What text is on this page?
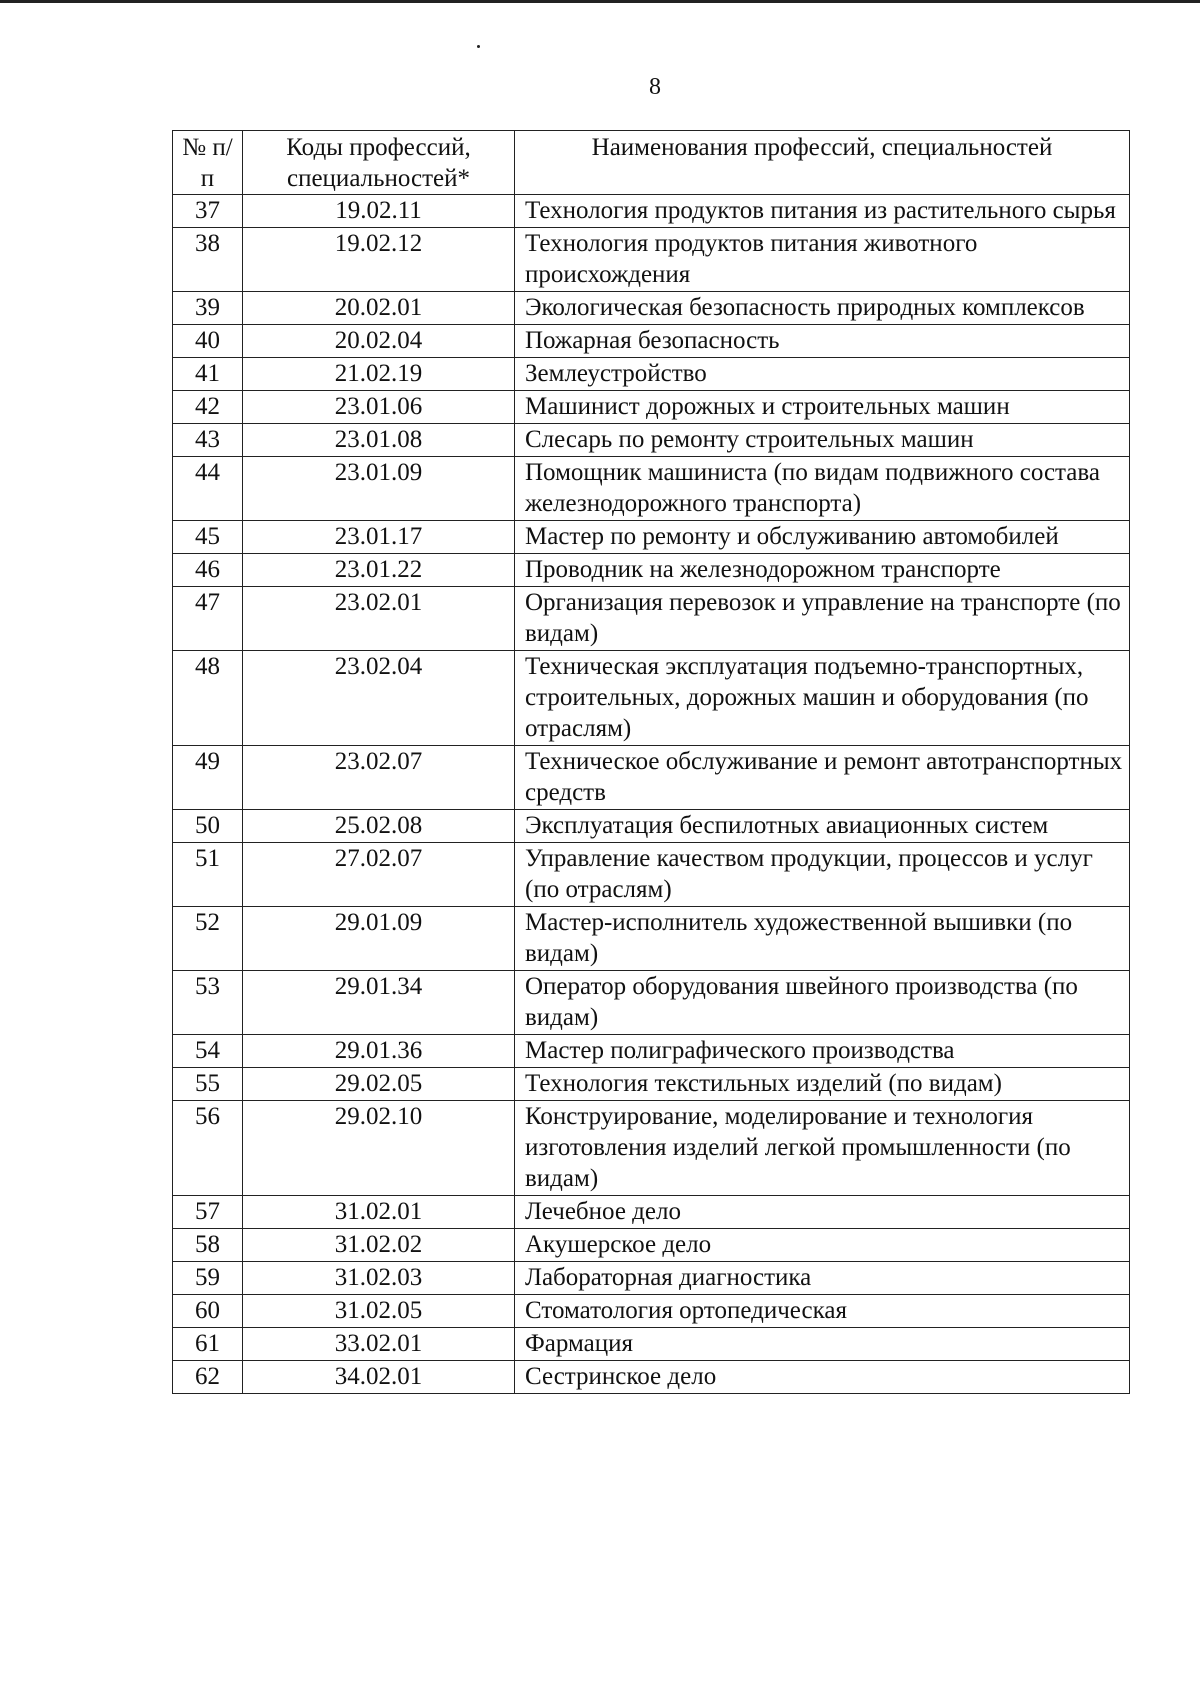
8
№ п/п	Коды профессий, специальностей*	Наименования профессий, специальностей
37	19.02.11	Технология продуктов питания из растительного сырья
38	19.02.12	Технология продуктов питания животного происхождения
39	20.02.01	Экологическая безопасность природных комплексов
40	20.02.04	Пожарная безопасность
41	21.02.19	Землеустройство
42	23.01.06	Машинист дорожных и строительных машин
43	23.01.08	Слесарь по ремонту строительных машин
44	23.01.09	Помощник машиниста (по видам подвижного состава железнодорожного транспорта)
45	23.01.17	Мастер по ремонту и обслуживанию автомобилей
46	23.01.22	Проводник на железнодорожном транспорте
47	23.02.01	Организация перевозок и управление на транспорте (по видам)
48	23.02.04	Техническая эксплуатация подъемно-транспортных, строительных, дорожных машин и оборудования (по отраслям)
49	23.02.07	Техническое обслуживание и ремонт автотранспортных средств
50	25.02.08	Эксплуатация беспилотных авиационных систем
51	27.02.07	Управление качеством продукции, процессов и услуг (по отраслям)
52	29.01.09	Мастер-исполнитель художественной вышивки (по видам)
53	29.01.34	Оператор оборудования швейного производства (по видам)
54	29.01.36	Мастер полиграфического производства
55	29.02.05	Технология текстильных изделий (по видам)
56	29.02.10	Конструирование, моделирование и технология изготовления изделий легкой промышленности (по видам)
57	31.02.01	Лечебное дело
58	31.02.02	Акушерское дело
59	31.02.03	Лабораторная диагностика
60	31.02.05	Стоматология ортопедическая
61	33.02.01	Фармация
62	34.02.01	Сестринское дело
